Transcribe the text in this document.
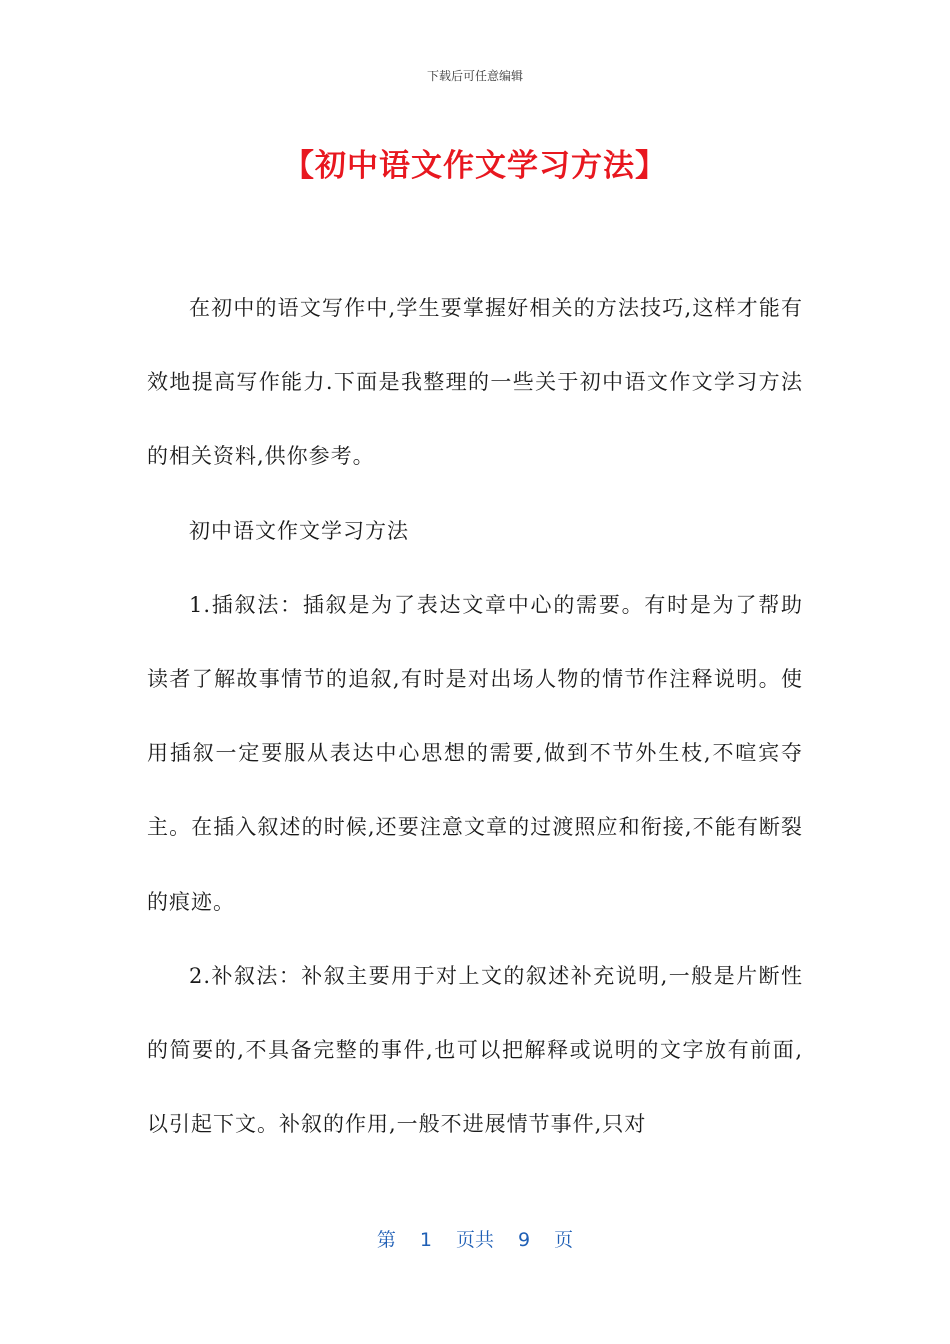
下载后可任意编辑
【初中语文作文学习方法】

在初中的语文写作中,学生要掌握好相关的方法技巧,这样才能有效地提高写作能力.下面是我整理的一些关于初中语文作文学习方法的相关资料,供你参考。

初中语文作文学习方法

1.插叙法：插叙是为了表达文章中心的需要。有时是为了帮助读者了解故事情节的追叙,有时是对出场人物的情节作注释说明。使用插叙一定要服从表达中心思想的需要,做到不节外生枝,不喧宾夺主。在插入叙述的时候,还要注意文章的过渡照应和衔接,不能有断裂的痕迹。

2.补叙法：补叙主要用于对上文的叙述补充说明,一般是片断性的简要的,不具备完整的事件,也可以把解释或说明的文字放有前面,以引起下文。补叙的作用,一般不进展情节事件,只对

第 1 页共 9 页
